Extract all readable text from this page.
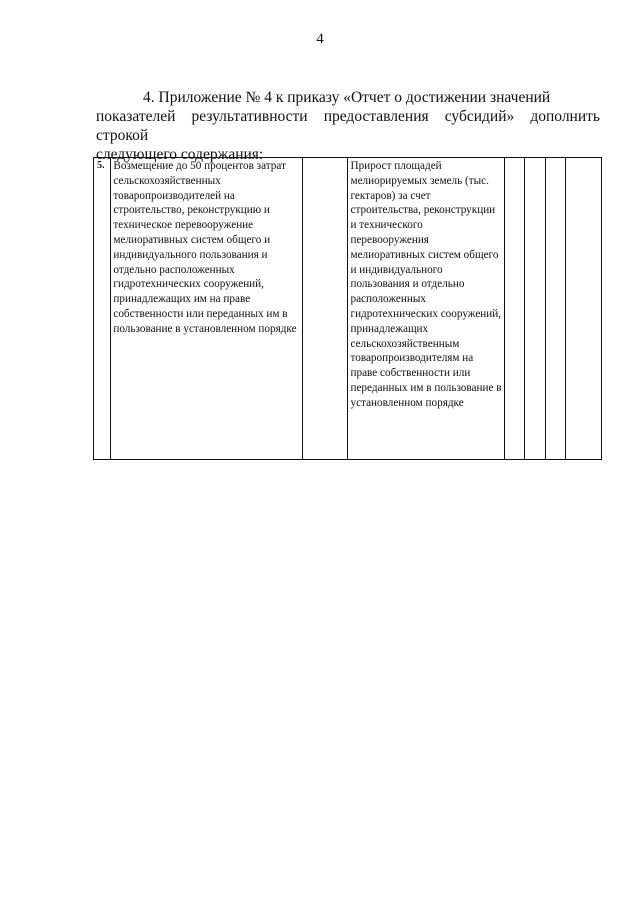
4
4. Приложение № 4 к приказу «Отчет о достижении значений
показателей результативности предоставления субсидий» дополнить строкой
следующего содержания:
5.	Возмещение до 50 процентов затрат сельскохозяйственных товаропроизводителей на строительство, реконструкцию и техническое перевооружение мелиоративных систем общего и индивидуального пользования и отдельно расположенных гидротехнических сооружений, принадлежащих им на праве собственности или переданных им в пользование в установленном порядке		Прирост площадей мелиорируемых земель (тыс. гектаров) за счет строительства, реконструкции и технического перевооружения мелиоративных систем общего и индивидуального пользования и отдельно расположенных гидротехнических сооружений, принадлежащих сельскохозяйственным товаропроизводителям на праве собственности или переданных им в пользование в установленном порядке				
